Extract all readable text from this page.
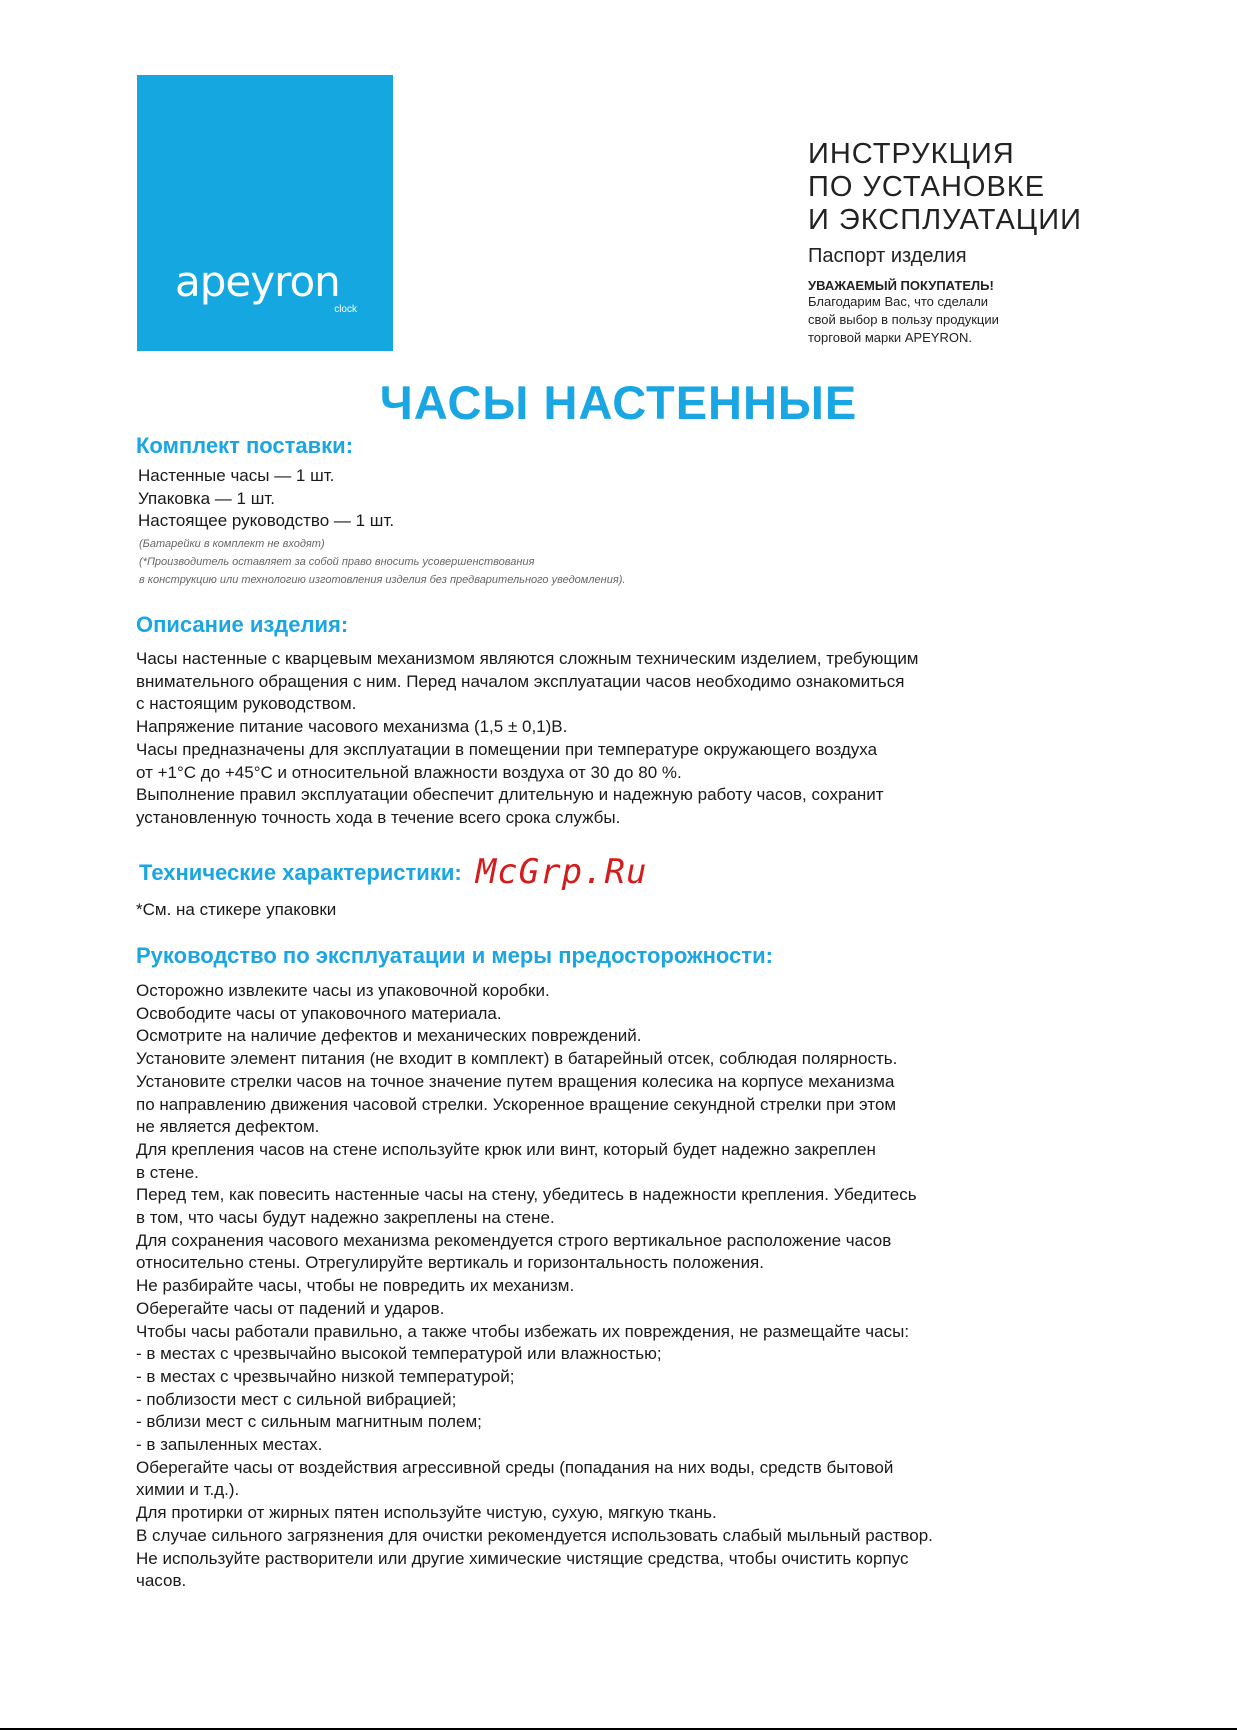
apeyron
clock
ИНСТРУКЦИЯ
ПО УСТАНОВКЕ
И ЭКСПЛУАТАЦИИ
Паспорт изделия
УВАЖАЕМЫЙ ПОКУПАТЕЛЬ!
Благодарим Вас, что сделали
свой выбор в пользу продукции
торговой марки APEYRON.
ЧАСЫ НАСТЕННЫЕ
Комплект поставки:
Настенные часы — 1 шт.
Упаковка — 1 шт.
Настоящее руководство — 1 шт.
(Батарейки в комплект не входят)
(*Производитель оставляет за собой право вносить усовершенствования
в конструкцию или технологию изготовления изделия без предварительного уведомления).
Описание изделия:
Часы настенные с кварцевым механизмом являются сложным техническим изделием, требующим
внимательного обращения с ним. Перед началом эксплуатации часов необходимо ознакомиться
с настоящим руководством.
Напряжение питание часового механизма (1,5 ± 0,1)В.
Часы предназначены для эксплуатации в помещении при температуре окружающего воздуха
от +1°С до +45°С и относительной влажности воздуха от 30 до 80 %.
Выполнение правил эксплуатации обеспечит длительную и надежную работу часов, сохранит
установленную точность хода в течение всего срока службы.
Технические характеристики: McGrp.Ru
*См. на стикере упаковки
Руководство по эксплуатации и меры предосторожности:
Осторожно извлеките часы из упаковочной коробки.
Освободите часы от упаковочного материала.
Осмотрите на наличие дефектов и механических повреждений.
Установите элемент питания (не входит в комплект) в батарейный отсек, соблюдая полярность.
Установите стрелки часов на точное значение путем вращения колесика на корпусе механизма
по направлению движения часовой стрелки. Ускоренное вращение секундной стрелки при этом
не является дефектом.
Для крепления часов на стене используйте крюк или винт, который будет надежно закреплен
в стене.
Перед тем, как повесить настенные часы на стену, убедитесь в надежности крепления. Убедитесь
в том, что часы будут надежно закреплены на стене.
Для сохранения часового механизма рекомендуется строго вертикальное расположение часов
относительно стены. Отрегулируйте вертикаль и горизонтальность положения.
Не разбирайте часы, чтобы не повредить их механизм.
Оберегайте часы от падений и ударов.
Чтобы часы работали правильно, а также чтобы избежать их повреждения, не размещайте часы:
- в местах с чрезвычайно высокой температурой или влажностью;
- в местах с чрезвычайно низкой температурой;
- поблизости мест с сильной вибрацией;
- вблизи мест с сильным магнитным полем;
- в запыленных местах.
Оберегайте часы от воздействия агрессивной среды (попадания на них воды, средств бытовой
химии и т.д.).
Для протирки от жирных пятен используйте чистую, сухую, мягкую ткань.
В случае сильного загрязнения для очистки рекомендуется использовать слабый мыльный раствор.
Не используйте растворители или другие химические чистящие средства, чтобы очистить корпус
часов.
